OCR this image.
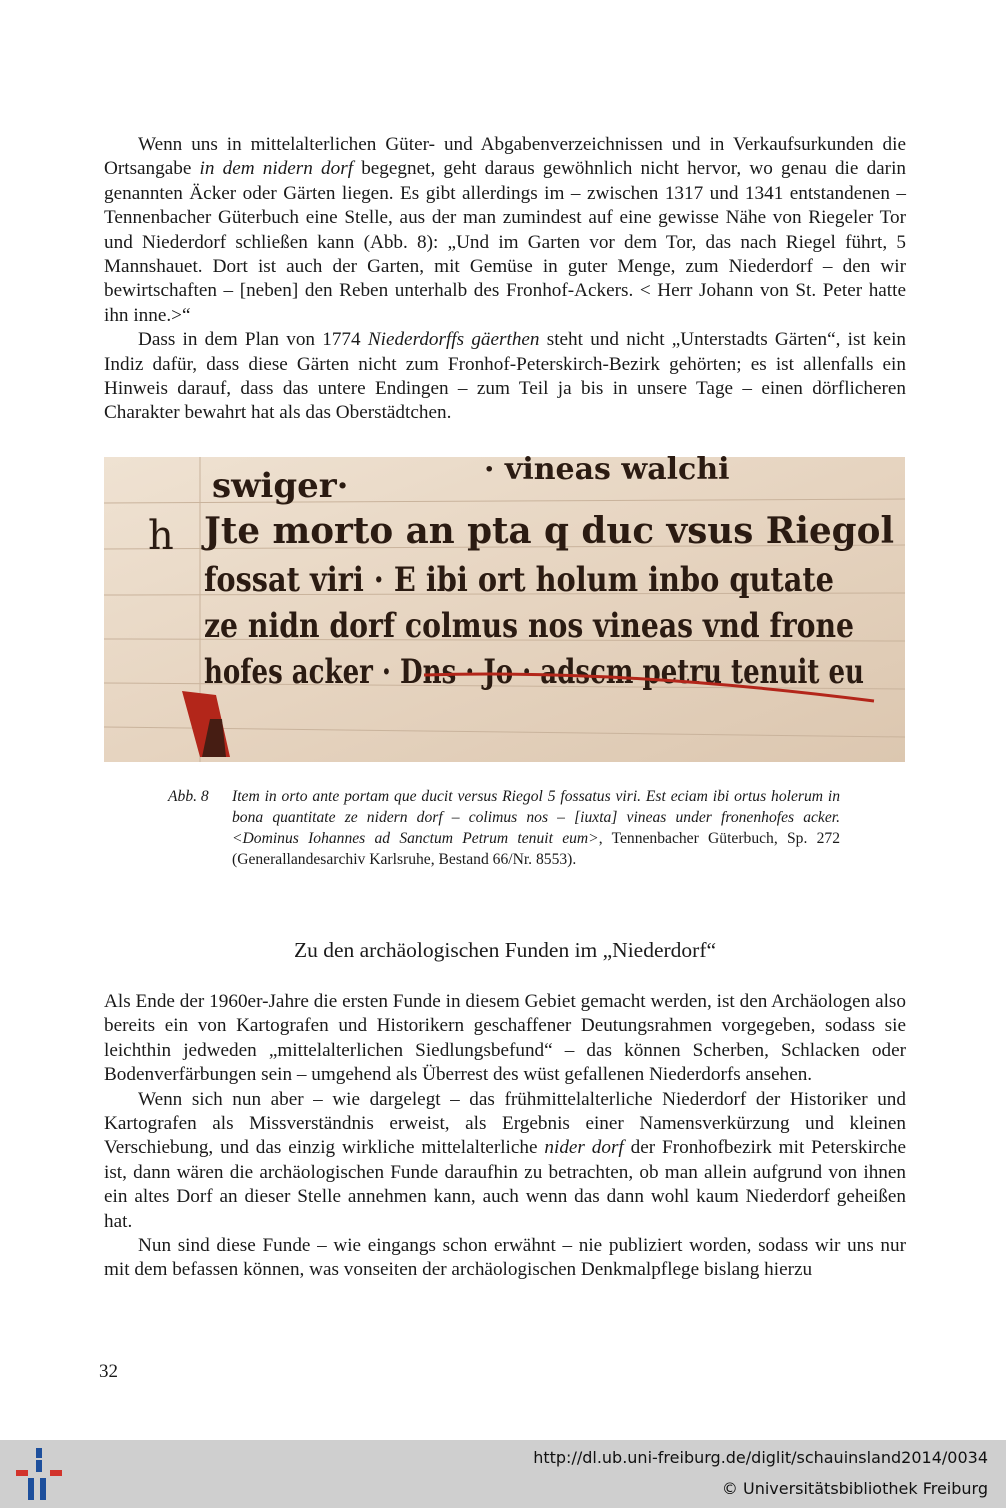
Wenn uns in mittelalterlichen Güter- und Abgabenverzeichnissen und in Verkaufsurkunden die Ortsangabe in dem nidern dorf begegnet, geht daraus gewöhnlich nicht hervor, wo genau die darin genannten Äcker oder Gärten liegen. Es gibt allerdings im – zwischen 1317 und 1341 entstandenen – Tennenbacher Güterbuch eine Stelle, aus der man zumindest auf eine gewisse Nähe von Riegeler Tor und Niederdorf schließen kann (Abb. 8): „Und im Garten vor dem Tor, das nach Riegel führt, 5 Mannshauet. Dort ist auch der Garten, mit Gemüse in guter Menge, zum Niederdorf – den wir bewirtschaften – [neben] den Reben unterhalb des Fronhof-Ackers. < Herr Johann von St. Peter hatte ihn inne.>“

Dass in dem Plan von 1774 Niederdorffs gäerthen steht und nicht „Unterstadts Gärten“, ist kein Indiz dafür, dass diese Gärten nicht zum Fronhof-Peterskirch-Bezirk gehörten; es ist allenfalls ein Hinweis darauf, dass das untere Endingen – zum Teil ja bis in unsere Tage – einen dörflicheren Charakter bewahrt hat als das Oberstädtchen.

· vineas walchi
swiger·
Jte morto an pta q duc vsus Riegol
fossat viri · E ibi ort holum inbo qutate
ze nidn dorf colmus nos vineas vnd frone
hofes acker · Dns · Jo · adscm petru tenuit eu
h
Abb. 8 Item in orto ante portam que ducit versus Riegol 5 fossatus viri. Est eciam ibi ortus holerum in bona quantitate ze nidern dorf – colimus nos – [iuxta] vineas under fronenhofes acker. <Dominus Iohannes ad Sanctum Petrum tenuit eum>, Tennenbacher Güterbuch, Sp. 272 (Generallandesarchiv Karlsruhe, Bestand 66/Nr. 8553).
Zu den archäologischen Funden im „Niederdorf“

Als Ende der 1960er-Jahre die ersten Funde in diesem Gebiet gemacht werden, ist den Archäologen also bereits ein von Kartografen und Historikern geschaffener Deutungsrahmen vorgegeben, sodass sie leichthin jedweden „mittelalterlichen Siedlungsbefund“ – das können Scherben, Schlacken oder Bodenverfärbungen sein – umgehend als Überrest des wüst gefallenen Niederdorfs ansehen.

Wenn sich nun aber – wie dargelegt – das frühmittelalterliche Niederdorf der Historiker und Kartografen als Missverständnis erweist, als Ergebnis einer Namensverkürzung und kleinen Verschiebung, und das einzig wirkliche mittelalterliche nider dorf der Fronhofbezirk mit Peterskirche ist, dann wären die archäologischen Funde daraufhin zu betrachten, ob man allein aufgrund von ihnen ein altes Dorf an dieser Stelle annehmen kann, auch wenn das dann wohl kaum Niederdorf geheißen hat.

Nun sind diese Funde – wie eingangs schon erwähnt – nie publiziert worden, sodass wir uns nur mit dem befassen können, was vonseiten der archäologischen Denkmalpflege bislang hierzu

32
http://dl.ub.uni-freiburg.de/diglit/schauinsland2014/0034
© Universitätsbibliothek Freiburg
